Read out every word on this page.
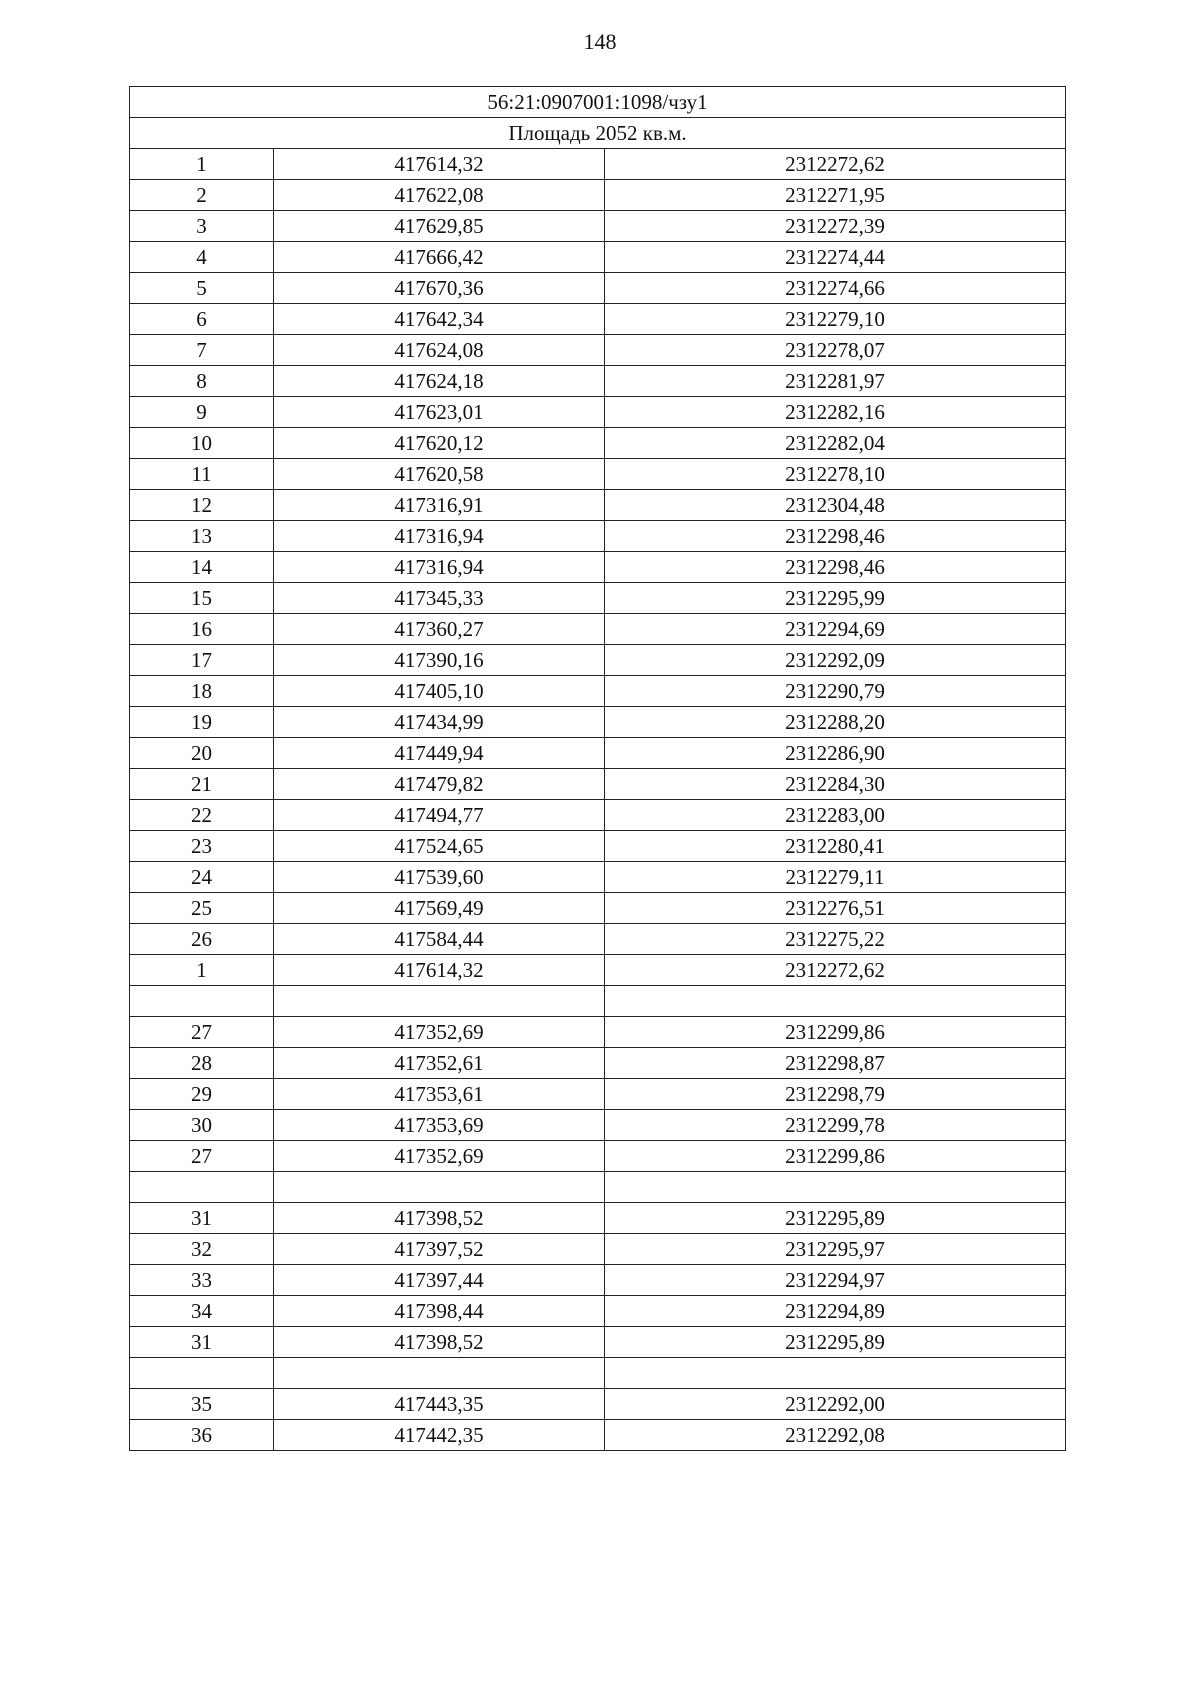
148
56:21:0907001:1098/чзу1		
Площадь 2052 кв.м.		
1	417614,32	2312272,62
2	417622,08	2312271,95
3	417629,85	2312272,39
4	417666,42	2312274,44
5	417670,36	2312274,66
6	417642,34	2312279,10
7	417624,08	2312278,07
8	417624,18	2312281,97
9	417623,01	2312282,16
10	417620,12	2312282,04
11	417620,58	2312278,10
12	417316,91	2312304,48
13	417316,94	2312298,46
14	417316,94	2312298,46
15	417345,33	2312295,99
16	417360,27	2312294,69
17	417390,16	2312292,09
18	417405,10	2312290,79
19	417434,99	2312288,20
20	417449,94	2312286,90
21	417479,82	2312284,30
22	417494,77	2312283,00
23	417524,65	2312280,41
24	417539,60	2312279,11
25	417569,49	2312276,51
26	417584,44	2312275,22
1	417614,32	2312272,62

27	417352,69	2312299,86
28	417352,61	2312298,87
29	417353,61	2312298,79
30	417353,69	2312299,78
27	417352,69	2312299,86

31	417398,52	2312295,89
32	417397,52	2312295,97
33	417397,44	2312294,97
34	417398,44	2312294,89
31	417398,52	2312295,89

35	417443,35	2312292,00
36	417442,35	2312292,08
